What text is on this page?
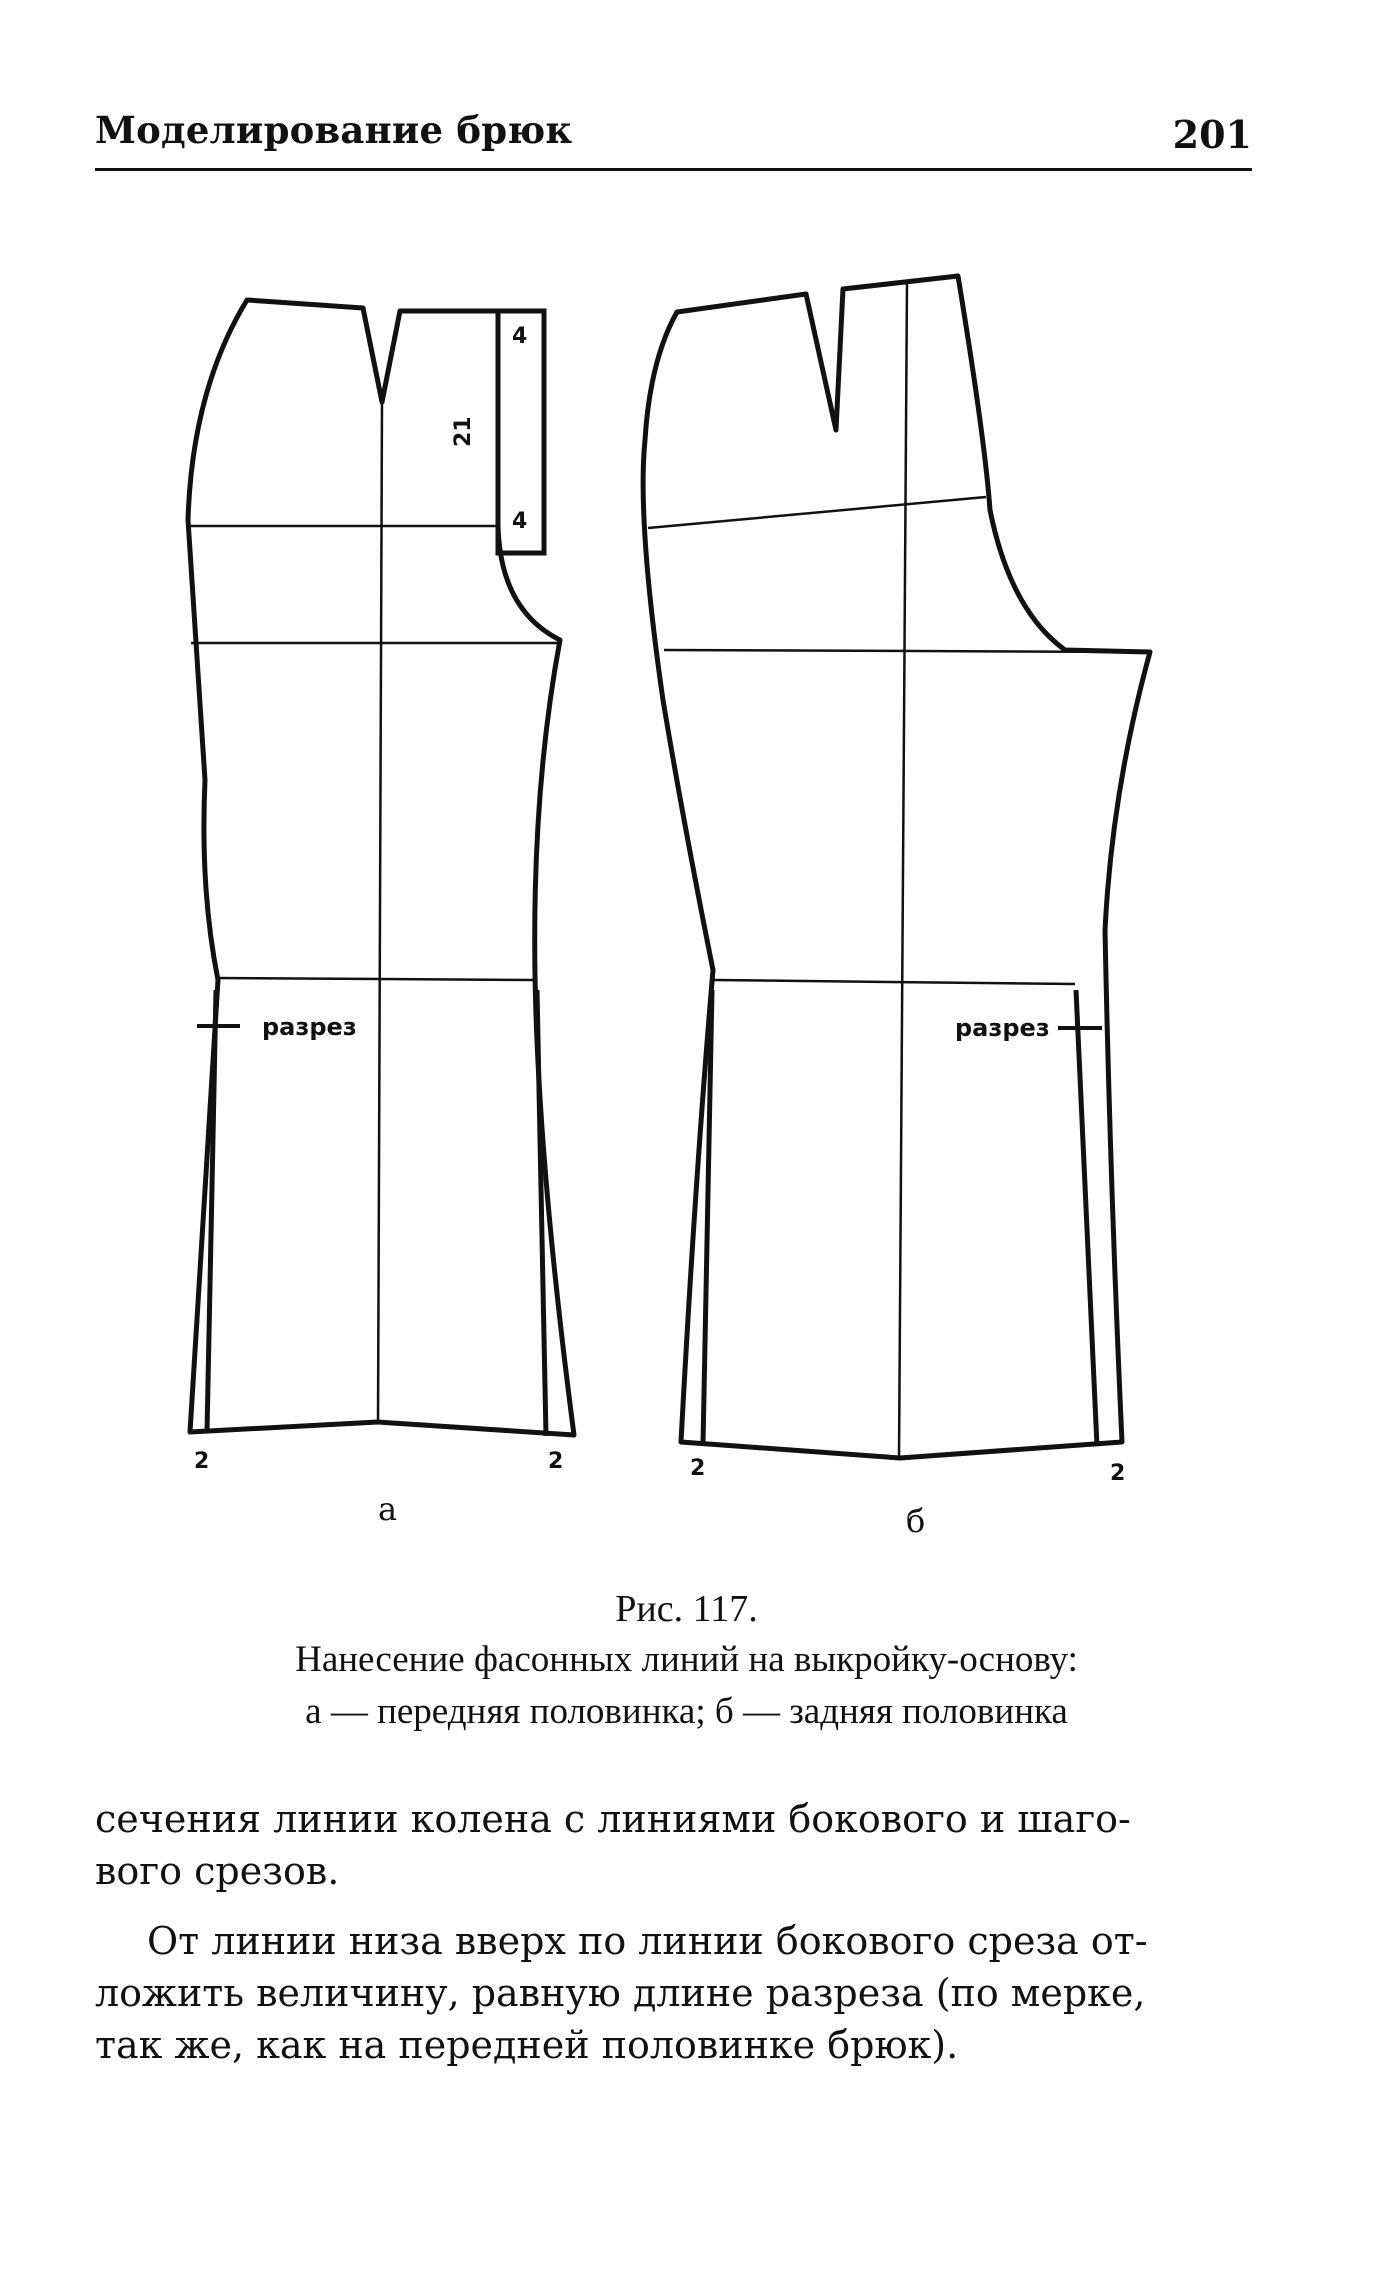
Моделирование брюк	201
разрез
4
21
4
2	2
а
разрез
2	2
б
Рис. 117.
Нанесение фасонных линий на выкройку-основу:
а — передняя половинка; б — задняя половинка
сечения линии колена с линиями бокового и шаго-
вого срезов.
От линии низа вверх по линии бокового среза от-
ложить величину, равную длине разреза (по мерке,
так же, как на передней половинке брюк).
